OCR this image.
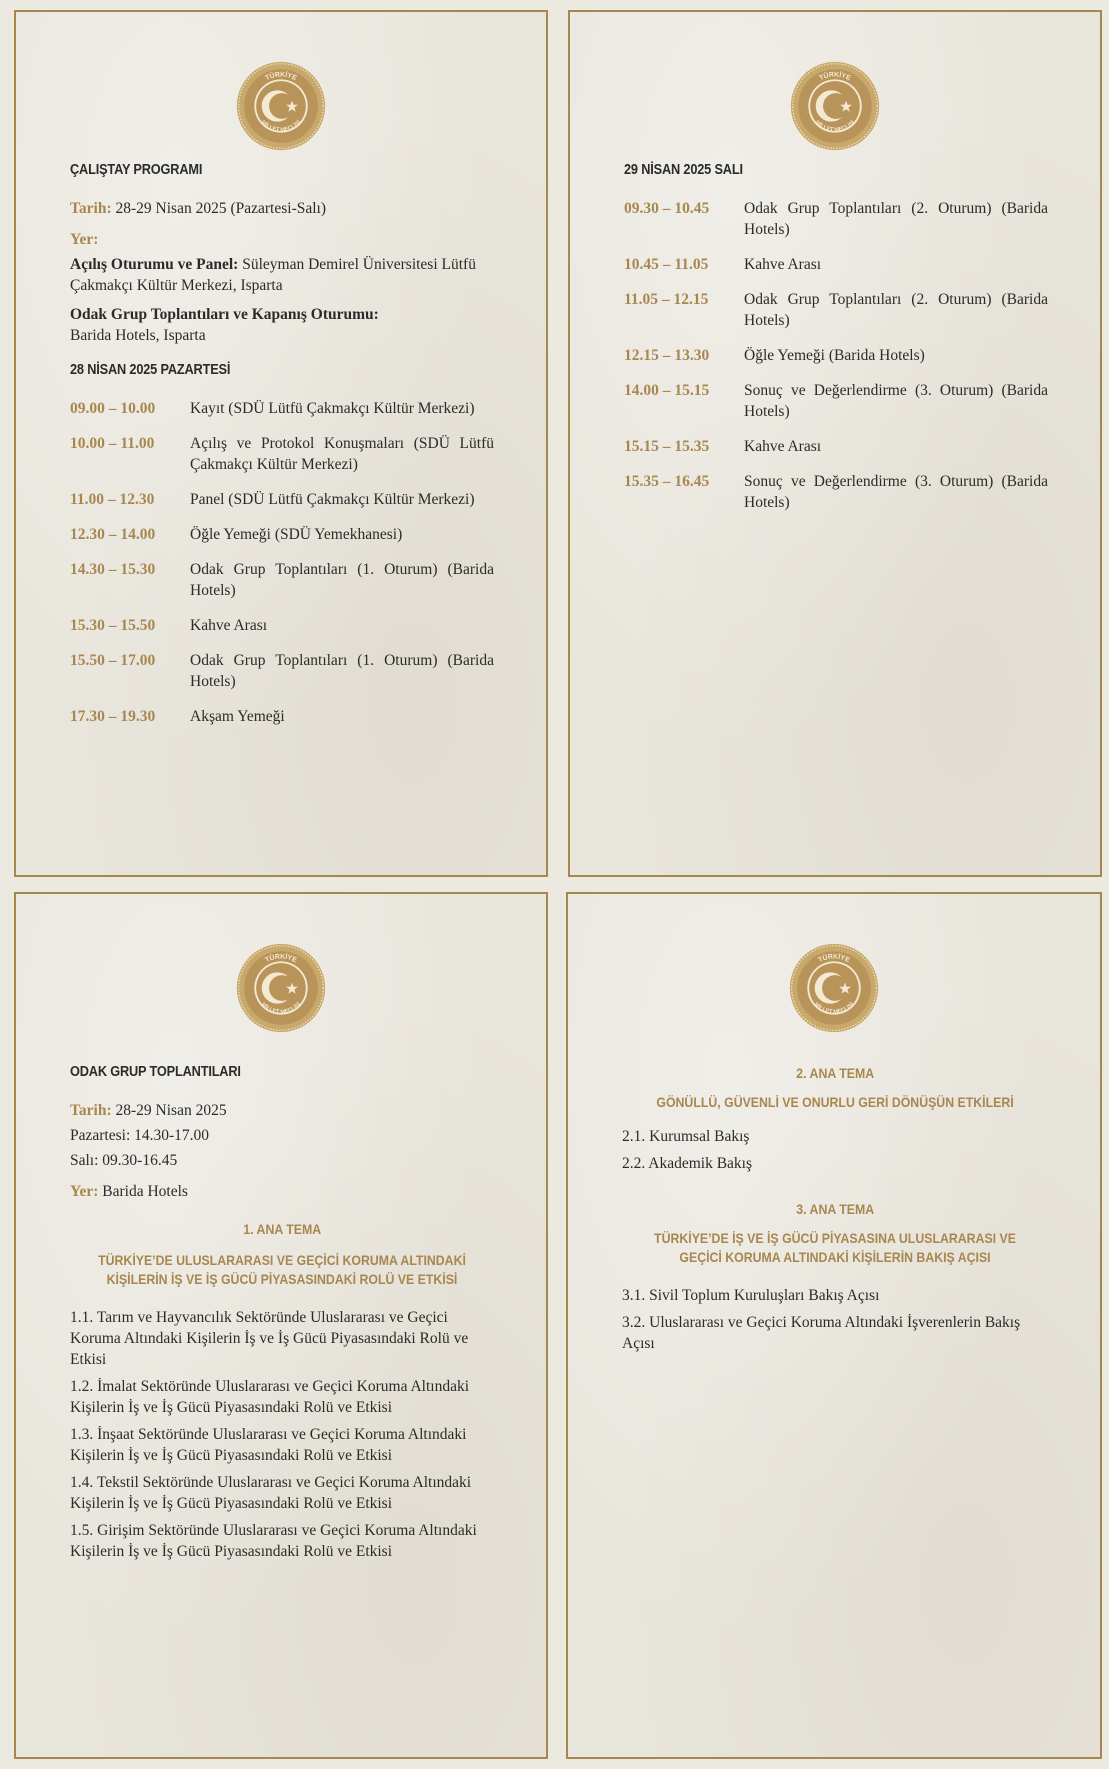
TÜRKİYE
MİLLET MECLİSİ
ÇALIŞTAY PROGRAMI
Tarih: 28-29 Nisan 2025 (Pazartesi-Salı)
Yer:
Açılış Oturumu ve Panel: Süleyman Demirel Üniversitesi Lütfü Çakmakçı Kültür Merkezi, Isparta
Odak Grup Toplantıları ve Kapanış Oturumu:
Barida Hotels, Isparta
28 NİSAN 2025 PAZARTESİ
09.00 – 10.00	Kayıt (SDÜ Lütfü Çakmakçı Kültür Merkezi)
10.00 – 11.00	Açılış ve Protokol Konuşmaları (SDÜ Lütfü Çakmakçı Kültür Merkezi)
11.00 – 12.30	Panel (SDÜ Lütfü Çakmakçı Kültür Merkezi)
12.30 – 14.00	Öğle Yemeği (SDÜ Yemekhanesi)
14.30 – 15.30	Odak Grup Toplantıları (1. Oturum) (Barida Hotels)
15.30 – 15.50	Kahve Arası
15.50 – 17.00	Odak Grup Toplantıları (1. Oturum) (Barida Hotels)
17.30 – 19.30	Akşam Yemeği
TÜRKİYE
MİLLET MECLİSİ
29 NİSAN 2025 SALI
09.30 – 10.45	Odak Grup Toplantıları (2. Oturum) (Barida Hotels)
10.45 – 11.05	Kahve Arası
11.05 – 12.15	Odak Grup Toplantıları (2. Oturum) (Barida Hotels)
12.15 – 13.30	Öğle Yemeği (Barida Hotels)
14.00 – 15.15	Sonuç ve Değerlendirme (3. Oturum) (Barida Hotels)
15.15 – 15.35	Kahve Arası
15.35 – 16.45	Sonuç ve Değerlendirme (3. Oturum) (Barida Hotels)
TÜRKİYE
MİLLET MECLİSİ
ODAK GRUP TOPLANTILARI
Tarih: 28-29 Nisan 2025
Pazartesi: 14.30-17.00
Salı: 09.30-16.45
Yer: Barida Hotels
1. ANA TEMA
TÜRKİYE’DE ULUSLARARASI VE GEÇİCİ KORUMA ALTINDAKİ KİŞİLERİN İŞ VE İŞ GÜCÜ PİYASASINDAKİ ROLÜ VE ETKİSİ
1.1. Tarım ve Hayvancılık Sektöründe Uluslararası ve Geçici Koruma Altındaki Kişilerin İş ve İş Gücü Piyasasındaki Rolü ve Etkisi
1.2. İmalat Sektöründe Uluslararası ve Geçici Koruma Altındaki Kişilerin İş ve İş Gücü Piyasasındaki Rolü ve Etkisi
1.3. İnşaat Sektöründe Uluslararası ve Geçici Koruma Altındaki Kişilerin İş ve İş Gücü Piyasasındaki Rolü ve Etkisi
1.4. Tekstil Sektöründe Uluslararası ve Geçici Koruma Altındaki Kişilerin İş ve İş Gücü Piyasasındaki Rolü ve Etkisi
1.5. Girişim Sektöründe Uluslararası ve Geçici Koruma Altındaki Kişilerin İş ve İş Gücü Piyasasındaki Rolü ve Etkisi
TÜRKİYE
MİLLET MECLİSİ
2. ANA TEMA
GÖNÜLLÜ, GÜVENLİ VE ONURLU GERİ DÖNÜŞÜN ETKİLERİ
2.1. Kurumsal Bakış
2.2. Akademik Bakış
3. ANA TEMA
TÜRKİYE’DE İŞ VE İŞ GÜCÜ PİYASASINA ULUSLARARASI VE GEÇİCİ KORUMA ALTINDAKİ KİŞİLERİN BAKIŞ AÇISI
3.1. Sivil Toplum Kuruluşları Bakış Açısı
3.2. Uluslararası ve Geçici Koruma Altındaki İşverenlerin Bakış Açısı
